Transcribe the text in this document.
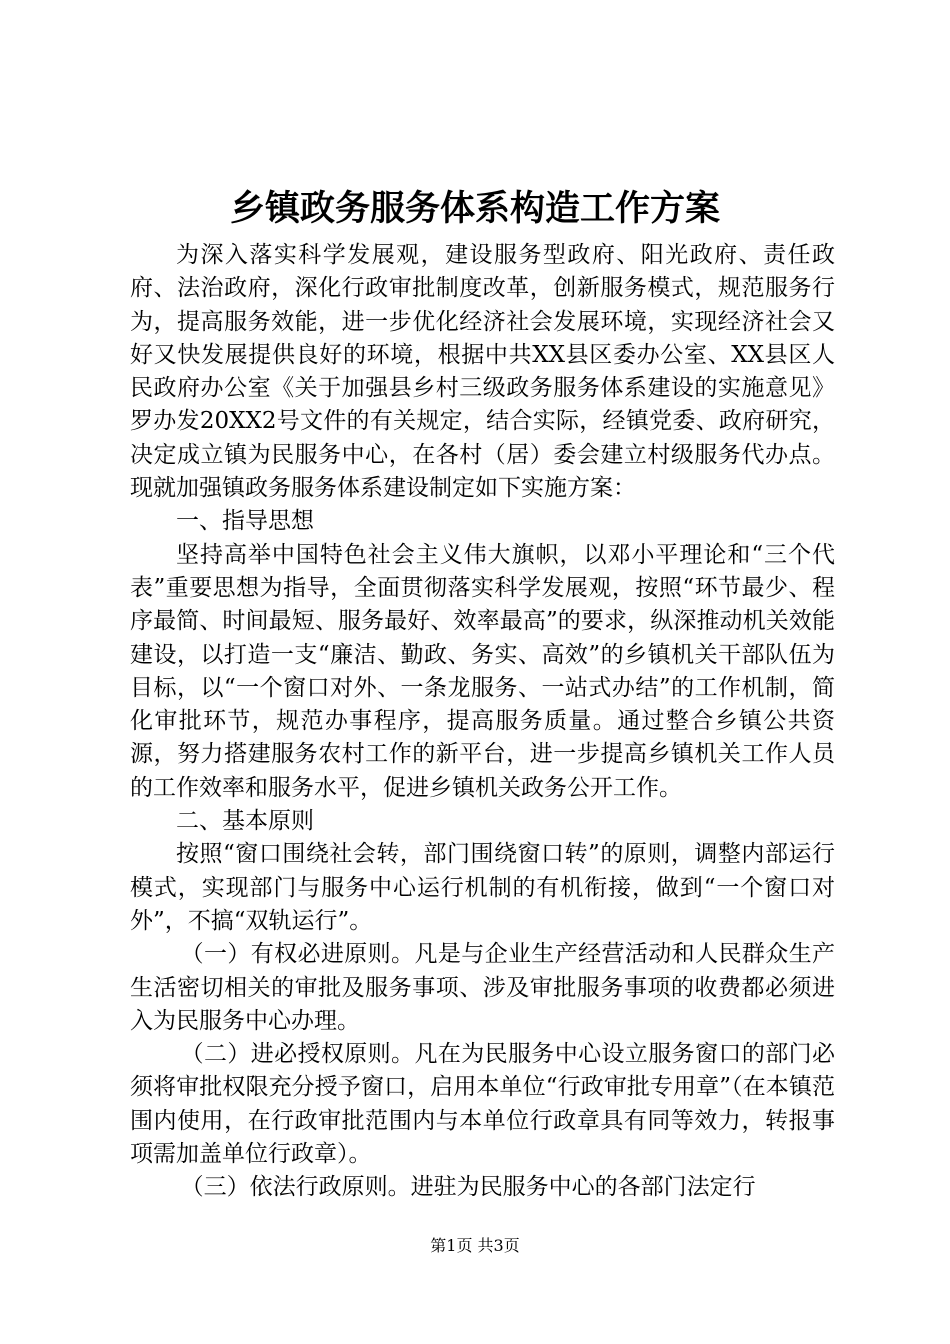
乡镇政务服务体系构造工作方案

为深入落实科学发展观，建设服务型政府、阳光政府、责任政府、法治政府，深化行政审批制度改革，创新服务模式，规范服务行为，提高服务效能，进一步优化经济社会发展环境，实现经济社会又好又快发展提供良好的环境，根据中共XX县区委办公室、XX县区人民政府办公室《关于加强县乡村三级政务服务体系建设的实施意见》罗办发20XX2号文件的有关规定，结合实际，经镇党委、政府研究，决定成立镇为民服务中心，在各村（居）委会建立村级服务代办点。现就加强镇政务服务体系建设制定如下实施方案：

一、指导思想

坚持高举中国特色社会主义伟大旗帜，以邓小平理论和“三个代表”重要思想为指导，全面贯彻落实科学发展观，按照“环节最少、程序最简、时间最短、服务最好、效率最高”的要求，纵深推动机关效能建设，以打造一支“廉洁、勤政、务实、高效”的乡镇机关干部队伍为目标，以“一个窗口对外、一条龙服务、一站式办结”的工作机制，简化审批环节，规范办事程序，提高服务质量。通过整合乡镇公共资源，努力搭建服务农村工作的新平台，进一步提高乡镇机关工作人员的工作效率和服务水平，促进乡镇机关政务公开工作。

二、基本原则

按照“窗口围绕社会转，部门围绕窗口转”的原则，调整内部运行模式，实现部门与服务中心运行机制的有机衔接，做到“一个窗口对外”，不搞“双轨运行”。

（一）有权必进原则。凡是与企业生产经营活动和人民群众生产生活密切相关的审批及服务事项、涉及审批服务事项的收费都必须进入为民服务中心办理。

（二）进必授权原则。凡在为民服务中心设立服务窗口的部门必须将审批权限充分授予窗口，启用本单位“行政审批专用章”（在本镇范围内使用，在行政审批范围内与本单位行政章具有同等效力，转报事项需加盖单位行政章）。

（三）依法行政原则。进驻为民服务中心的各部门法定行

第1页 共3页
